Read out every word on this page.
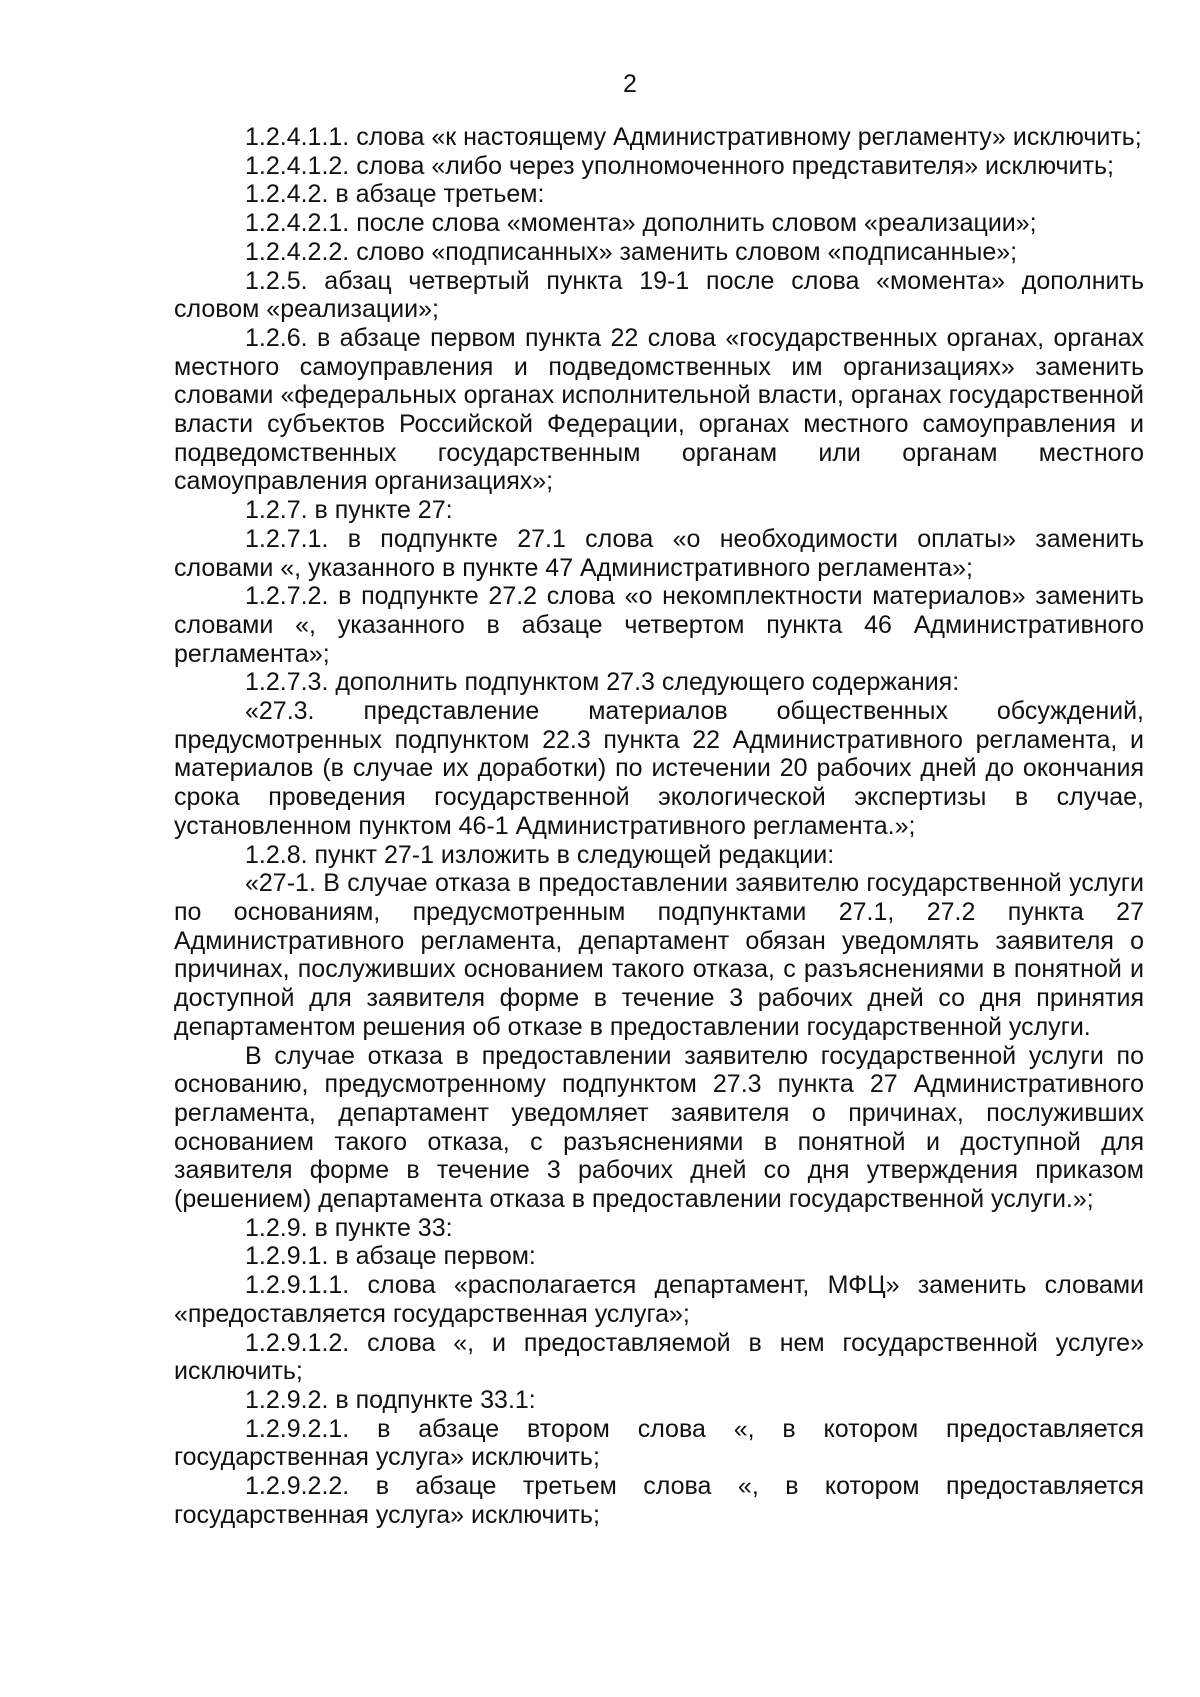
2

1.2.4.1.1. слова «к настоящему Административному регламенту» исключить;

1.2.4.1.2. слова «либо через уполномоченного представителя» исключить;

1.2.4.2. в абзаце третьем:

1.2.4.2.1. после слова «момента» дополнить словом «реализации»;

1.2.4.2.2. слово «подписанных» заменить словом «подписанные»;

1.2.5. абзац четвертый пункта 19-1 после слова «момента» дополнить словом «реализации»;

1.2.6. в абзаце первом пункта 22 слова «государственных органах, органах местного самоуправления и подведомственных им организациях» заменить словами «федеральных органах исполнительной власти, органах государственной власти субъектов Российской Федерации, органах местного самоуправления и подведомственных государственным органам или органам местного самоуправления организациях»;

1.2.7. в пункте 27:

1.2.7.1. в подпункте 27.1 слова «о необходимости оплаты» заменить словами «, указанного в пункте 47 Административного регламента»;

1.2.7.2. в подпункте 27.2 слова «о некомплектности материалов» заменить словами «, указанного в абзаце четвертом пункта 46 Административного регламента»;

1.2.7.3. дополнить подпунктом 27.3 следующего содержания:

«27.3. представление материалов общественных обсуждений, предусмотренных подпунктом 22.3 пункта 22 Административного регламента, и материалов (в случае их доработки) по истечении 20 рабочих дней до окончания срока проведения государственной экологической экспертизы в случае, установленном пунктом 46-1 Административного регламента.»;

1.2.8. пункт 27-1 изложить в следующей редакции:

«27-1. В случае отказа в предоставлении заявителю государственной услуги по основаниям, предусмотренным подпунктами 27.1, 27.2 пункта 27 Административного регламента, департамент обязан уведомлять заявителя о причинах, послуживших основанием такого отказа, с разъяснениями в понятной и доступной для заявителя форме в течение 3 рабочих дней со дня принятия департаментом решения об отказе в предоставлении государственной услуги.

В случае отказа в предоставлении заявителю государственной услуги по основанию, предусмотренному подпунктом 27.3 пункта 27 Административного регламента, департамент уведомляет заявителя о причинах, послуживших основанием такого отказа, с разъяснениями в понятной и доступной для заявителя форме в течение 3 рабочих дней со дня утверждения приказом (решением) департамента отказа в предоставлении государственной услуги.»;

1.2.9. в пункте 33:

1.2.9.1. в абзаце первом:

1.2.9.1.1. слова «располагается департамент, МФЦ» заменить словами «предоставляется государственная услуга»;

1.2.9.1.2. слова «, и предоставляемой в нем государственной услуге» исключить;

1.2.9.2. в подпункте 33.1:

1.2.9.2.1. в абзаце втором слова «, в котором предоставляется государственная услуга» исключить;

1.2.9.2.2. в абзаце третьем слова «, в котором предоставляется государственная услуга» исключить;
